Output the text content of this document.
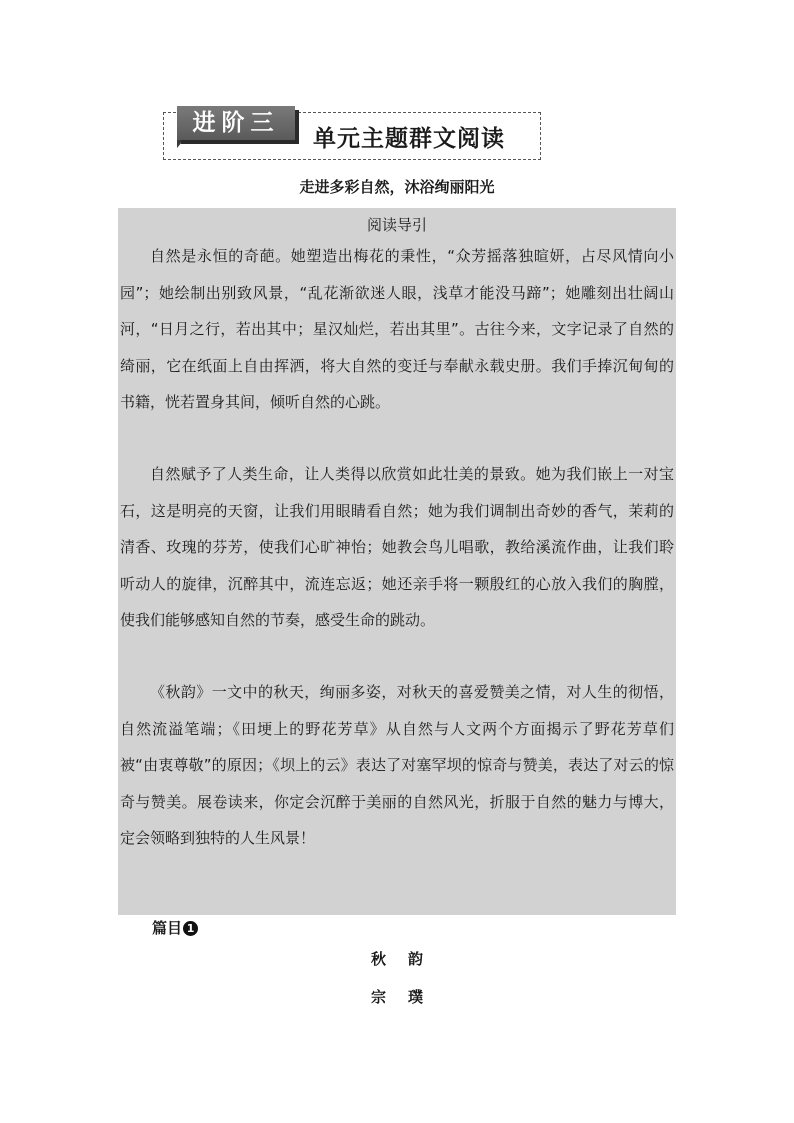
进阶三
单元主题群文阅读
走进多彩自然，沐浴绚丽阳光
阅读导引

自然是永恒的奇葩。她塑造出梅花的秉性，“众芳摇落独暄妍，占尽风情向小园”；她绘制出别致风景，“乱花渐欲迷人眼，浅草才能没马蹄”；她雕刻出壮阔山河，“日月之行，若出其中；星汉灿烂，若出其里”。古往今来，文字记录了自然的绮丽，它在纸面上自由挥洒，将大自然的变迁与奉献永载史册。我们手捧沉甸甸的书籍，恍若置身其间，倾听自然的心跳。

自然赋予了人类生命，让人类得以欣赏如此壮美的景致。她为我们嵌上一对宝石，这是明亮的天窗，让我们用眼睛看自然；她为我们调制出奇妙的香气，茉莉的清香、玫瑰的芬芳，使我们心旷神怡；她教会鸟儿唱歌，教给溪流作曲，让我们聆听动人的旋律，沉醉其中，流连忘返；她还亲手将一颗殷红的心放入我们的胸膛，使我们能够感知自然的节奏，感受生命的跳动。

《秋韵》一文中的秋天，绚丽多姿，对秋天的喜爱赞美之情，对人生的彻悟，自然流溢笔端；《田埂上的野花芳草》从自然与人文两个方面揭示了野花芳草们被“由衷尊敬”的原因；《坝上的云》表达了对塞罕坝的惊奇与赞美，表达了对云的惊奇与赞美。展卷读来，你定会沉醉于美丽的自然风光，折服于自然的魅力与博大，定会领略到独特的人生风景！

篇目 1
秋韵
宗璞
